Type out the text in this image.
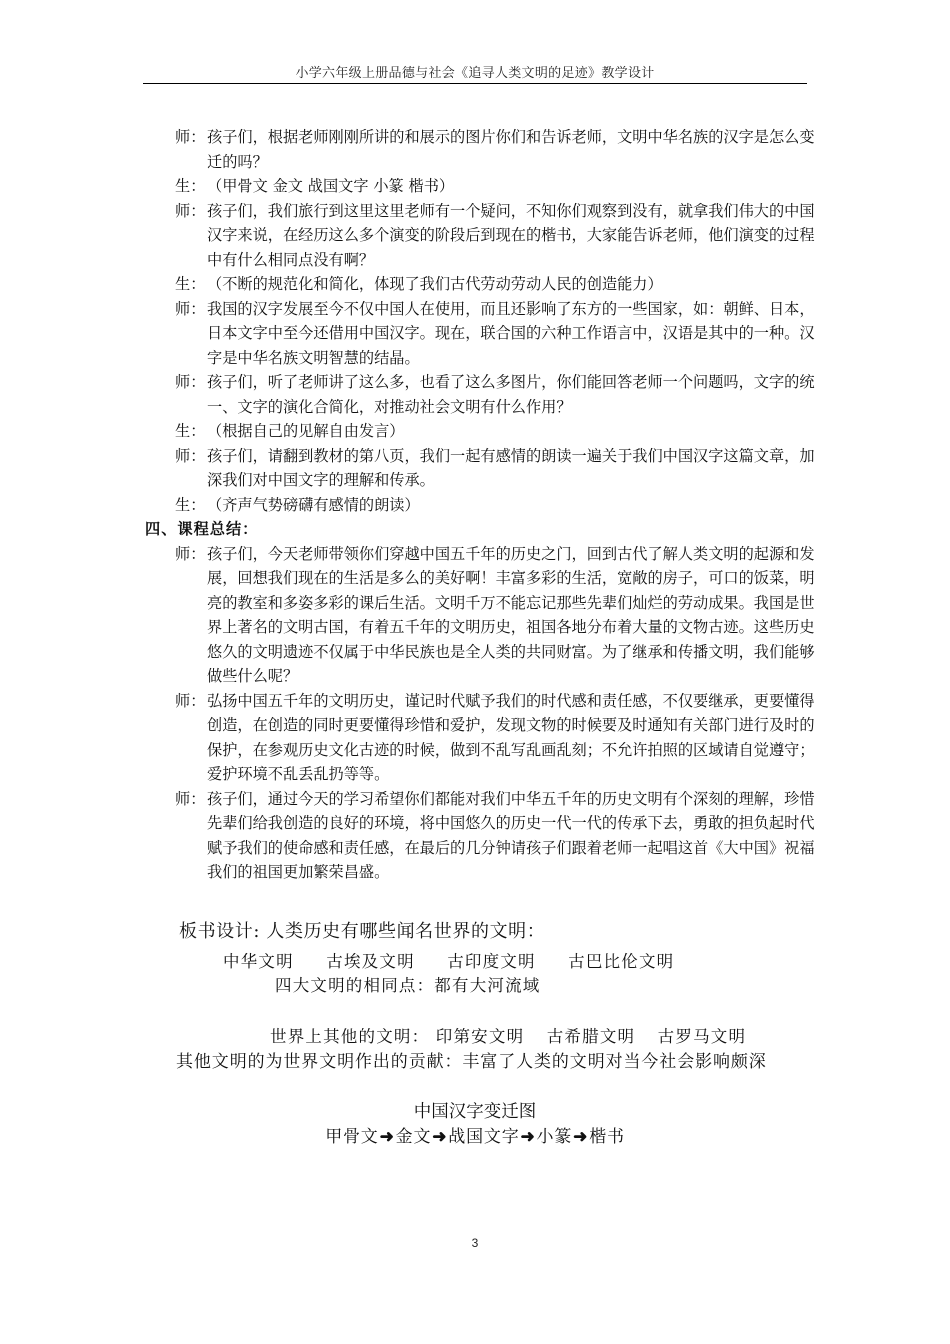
小学六年级上册品德与社会《追寻人类文明的足迹》教学设计
师： 孩子们，根据老师刚刚所讲的和展示的图片你们和告诉老师，文明中华名族的汉字是怎么变迁的吗？
生： （甲骨文 金文 战国文字 小篆 楷书）
师： 孩子们，我们旅行到这里这里老师有一个疑问，不知你们观察到没有，就拿我们伟大的中国汉字来说，在经历这么多个演变的阶段后到现在的楷书，大家能告诉老师，他们演变的过程中有什么相同点没有啊？
生： （不断的规范化和简化，体现了我们古代劳动劳动人民的创造能力）
师： 我国的汉字发展至今不仅中国人在使用，而且还影响了东方的一些国家，如：朝鲜、日本，日本文字中至今还借用中国汉字。现在，联合国的六种工作语言中，汉语是其中的一种。汉字是中华名族文明智慧的结晶。
师： 孩子们，听了老师讲了这么多，也看了这么多图片，你们能回答老师一个问题吗，文字的统一、文字的演化合简化，对推动社会文明有什么作用？
生： （根据自己的见解自由发言）
师： 孩子们，请翻到教材的第八页，我们一起有感情的朗读一遍关于我们中国汉字这篇文章，加深我们对中国文字的理解和传承。
生： （齐声气势磅礴有感情的朗读）
四、课程总结：
师： 孩子们，今天老师带领你们穿越中国五千年的历史之门，回到古代了解人类文明的起源和发展，回想我们现在的生活是多么的美好啊！丰富多彩的生活，宽敞的房子，可口的饭菜，明亮的教室和多姿多彩的课后生活。文明千万不能忘记那些先辈们灿烂的劳动成果。我国是世界上著名的文明古国，有着五千年的文明历史，祖国各地分布着大量的文物古迹。这些历史悠久的文明遗迹不仅属于中华民族也是全人类的共同财富。为了继承和传播文明，我们能够做些什么呢？
师： 弘扬中国五千年的文明历史，谨记时代赋予我们的时代感和责任感，不仅要继承，更要懂得创造，在创造的同时更要懂得珍惜和爱护，发现文物的时候要及时通知有关部门进行及时的保护，在参观历史文化古迹的时候，做到不乱写乱画乱刻；不允许拍照的区域请自觉遵守；爱护环境不乱丢乱扔等等。
师： 孩子们，通过今天的学习希望你们都能对我们中华五千年的历史文明有个深刻的理解，珍惜先辈们给我创造的良好的环境，将中国悠久的历史一代一代的传承下去，勇敢的担负起时代赋予我们的使命感和责任感，在最后的几分钟请孩子们跟着老师一起唱这首《大中国》祝福我们的祖国更加繁荣昌盛。
板书设计: 人类历史有哪些闻名世界的文明：
中华文明 古埃及文明 古印度文明 古巴比伦文明
四大文明的相同点：都有大河流域
世界上其他的文明： 印第安文明 古希腊文明 古罗马文明
其他文明的为世界文明作出的贡献：丰富了人类的文明对当今社会影响颇深
中国汉字变迁图
甲骨文➜金文➜战国文字➜小篆➜楷书
3
